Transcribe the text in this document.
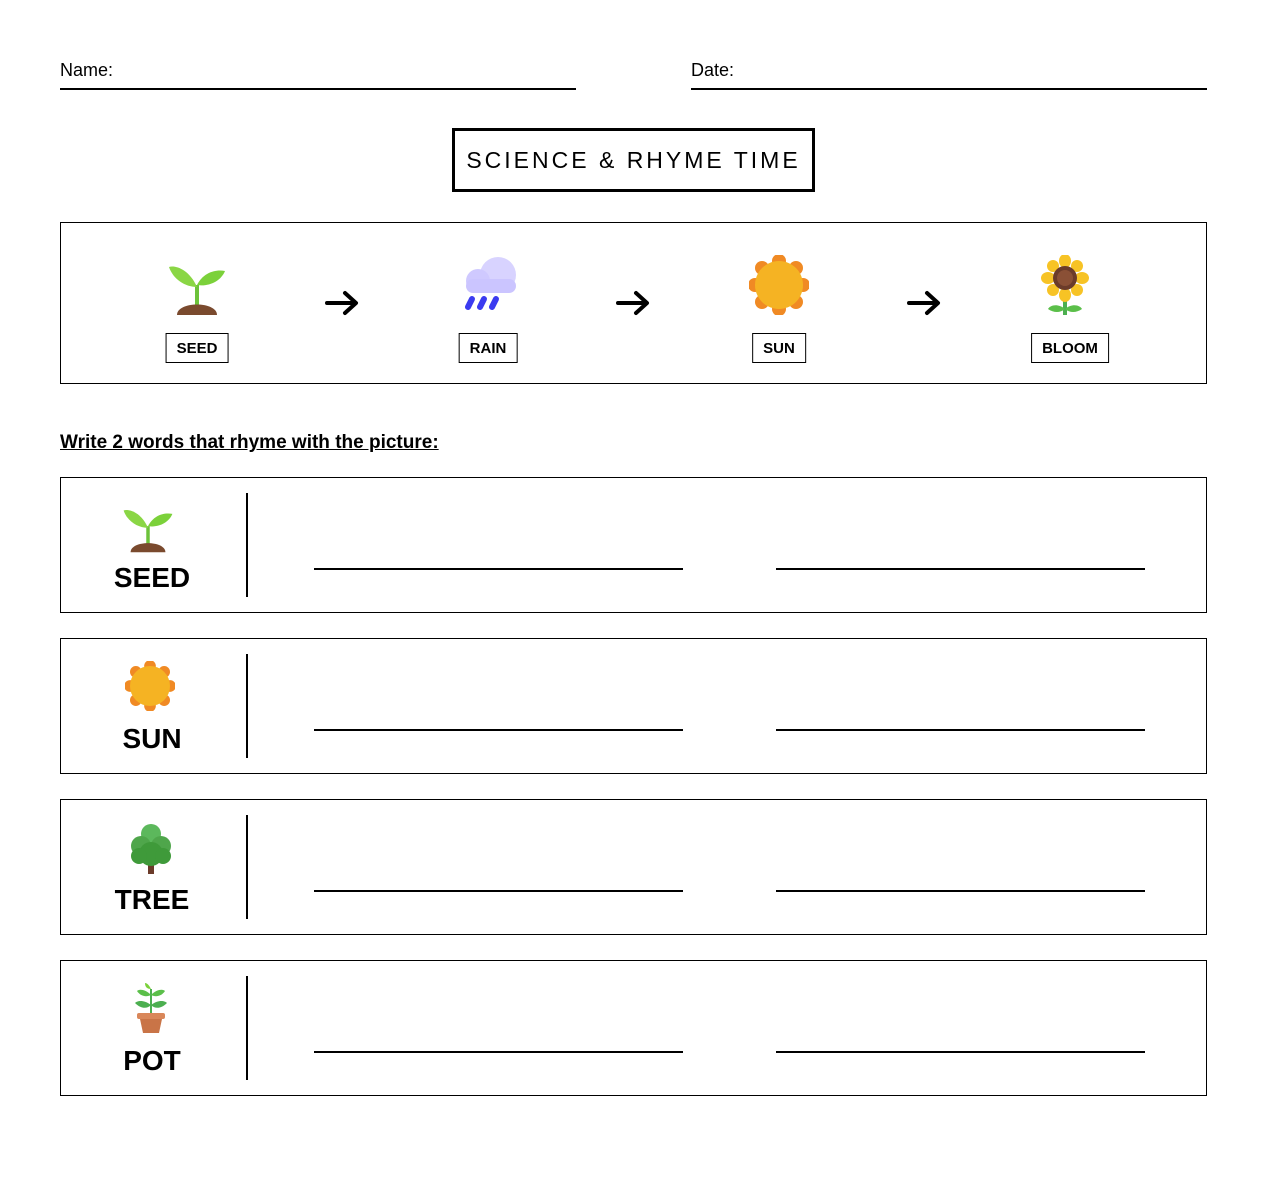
Name:	Date:
SCIENCE & RHYME TIME
SEED	RAIN	SUN	BLOOM
Write 2 words that rhyme with the picture:
SEED
SUN
TREE
POT
